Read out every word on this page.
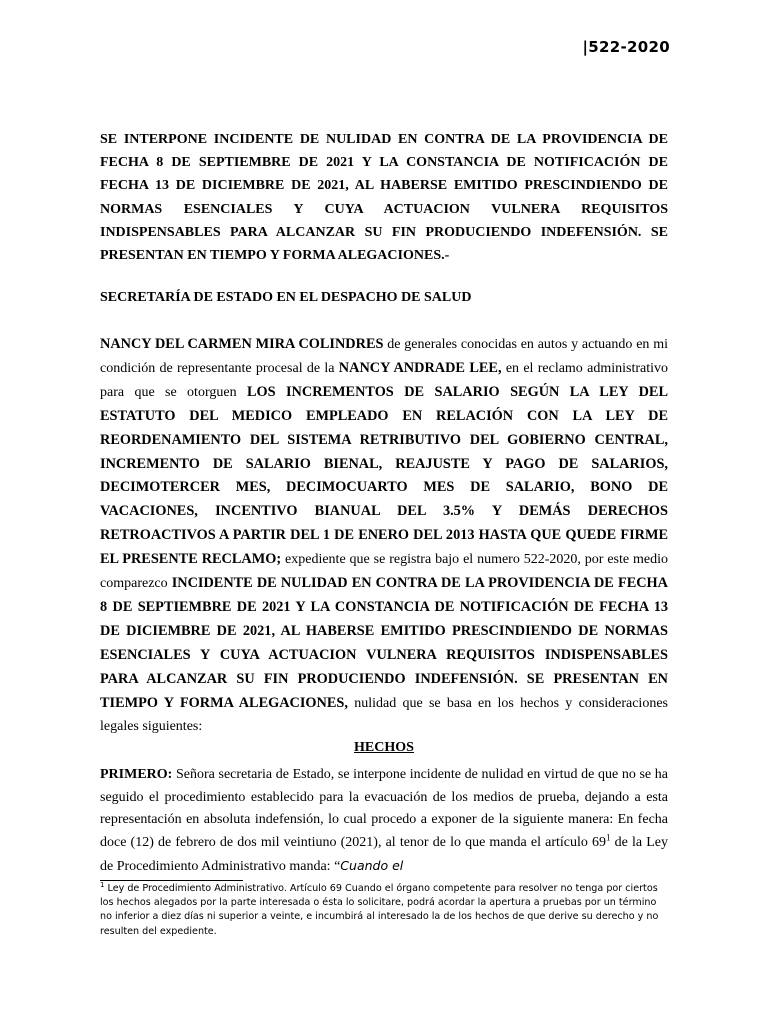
|522-2020
SE INTERPONE INCIDENTE DE NULIDAD EN CONTRA DE LA PROVIDENCIA DE FECHA 8 DE SEPTIEMBRE DE 2021 Y LA CONSTANCIA DE NOTIFICACIÓN DE FECHA 13 DE DICIEMBRE DE 2021, AL HABERSE EMITIDO PRESCINDIENDO DE NORMAS ESENCIALES Y CUYA ACTUACION VULNERA REQUISITOS INDISPENSABLES PARA ALCANZAR SU FIN PRODUCIENDO INDEFENSIÓN. SE PRESENTAN EN TIEMPO Y FORMA ALEGACIONES.-
SECRETARÍA DE ESTADO EN EL DESPACHO DE SALUD
NANCY DEL CARMEN MIRA COLINDRES de generales conocidas en autos y actuando en mi condición de representante procesal de la NANCY ANDRADE LEE, en el reclamo administrativo para que se otorguen LOS INCREMENTOS DE SALARIO SEGÚN LA LEY DEL ESTATUTO DEL MEDICO EMPLEADO EN RELACIÓN CON LA LEY DE REORDENAMIENTO DEL SISTEMA RETRIBUTIVO DEL GOBIERNO CENTRAL, INCREMENTO DE SALARIO BIENAL, REAJUSTE Y PAGO DE SALARIOS, DECIMOTERCER MES, DECIMOCUARTO MES DE SALARIO, BONO DE VACACIONES, INCENTIVO BIANUAL DEL 3.5% Y DEMÁS DERECHOS RETROACTIVOS A PARTIR DEL 1 DE ENERO DEL 2013 HASTA QUE QUEDE FIRME EL PRESENTE RECLAMO; expediente que se registra bajo el numero 522-2020, por este medio comparezco INCIDENTE DE NULIDAD EN CONTRA DE LA PROVIDENCIA DE FECHA 8 DE SEPTIEMBRE DE 2021 Y LA CONSTANCIA DE NOTIFICACIÓN DE FECHA 13 DE DICIEMBRE DE 2021, AL HABERSE EMITIDO PRESCINDIENDO DE NORMAS ESENCIALES Y CUYA ACTUACION VULNERA REQUISITOS INDISPENSABLES PARA ALCANZAR SU FIN PRODUCIENDO INDEFENSIÓN. SE PRESENTAN EN TIEMPO Y FORMA ALEGACIONES, nulidad que se basa en los hechos y consideraciones legales siguientes:
HECHOS
PRIMERO: Señora secretaria de Estado, se interpone incidente de nulidad en virtud de que no se ha seguido el procedimiento establecido para la evacuación de los medios de prueba, dejando a esta representación en absoluta indefensión, lo cual procedo a exponer de la siguiente manera: En fecha doce (12) de febrero de dos mil veintiuno (2021), al tenor de lo que manda el artículo $69^1$ de la Ley de Procedimiento Administrativo manda: “Cuando el
$^1$ Ley de Procedimiento Administrativo. Artículo 69 Cuando el órgano competente para resolver no tenga por ciertos los hechos alegados por la parte interesada o ésta lo solicitare, podrá acordar la apertura a pruebas por un término no inferior a diez días ni superior a veinte, e incumbirá al interesado la de los hechos de que derive su derecho y no resulten del expediente.
